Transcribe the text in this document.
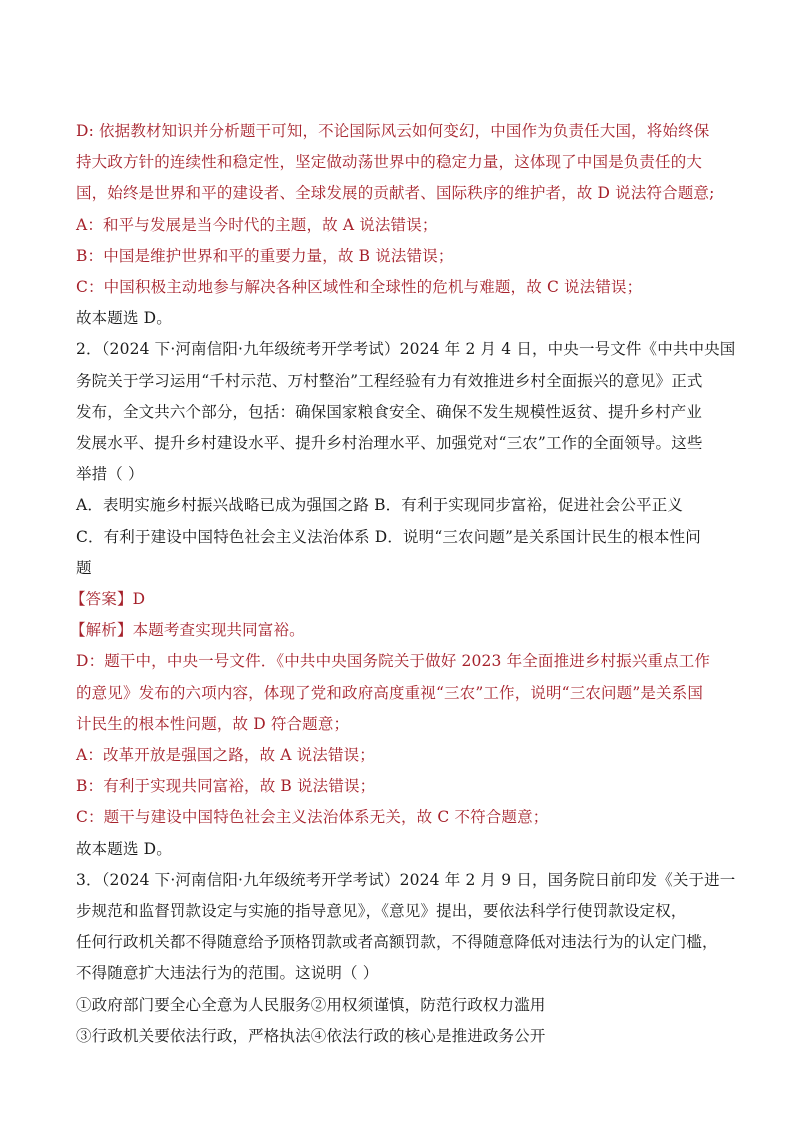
D: 依据教材知识并分析题干可知，不论国际风云如何变幻，中国作为负责任大国，将始终保
持大政方针的连续性和稳定性，坚定做动荡世界中的稳定力量，这体现了中国是负责任的大
国，始终是世界和平的建设者、全球发展的贡献者、国际秩序的维护者，故 D 说法符合题意;
A：和平与发展是当今时代的主题，故 A 说法错误；
B：中国是维护世界和平的重要力量，故 B 说法错误；
C：中国积极主动地参与解决各种区域性和全球性的危机与难题，故 C 说法错误；
故本题选 D。
2．（2024 下·河南信阳·九年级统考开学考试）2024 年 2 月 4 日，中央一号文件《中共中央国
务院关于学习运用“千村示范、万村整治”工程经验有力有效推进乡村全面振兴的意见》正式
发布，全文共六个部分，包括：确保国家粮食安全、确保不发生规模性返贫、提升乡村产业
发展水平、提升乡村建设水平、提升乡村治理水平、加强党对“三农”工作的全面领导。这些
举措（ ）
A．表明实施乡村振兴战略已成为强国之路 B．有利于实现同步富裕，促进社会公平正义
C．有利于建设中国特色社会主义法治体系 D．说明“三农问题”是关系国计民生的根本性问
题
【答案】D
【解析】本题考查实现共同富裕。
D：题干中，中央一号文件．《中共中央国务院关于做好 2023 年全面推进乡村振兴重点工作
的意见》发布的六项内容，体现了党和政府高度重视“三农”工作，说明“三农问题”是关系国
计民生的根本性问题，故 D 符合题意；
A：改革开放是强国之路，故 A 说法错误；
B：有利于实现共同富裕，故 B 说法错误；
C：题干与建设中国特色社会主义法治体系无关，故 C 不符合题意；
故本题选 D。
3．（2024 下·河南信阳·九年级统考开学考试）2024 年 2 月 9 日，国务院日前印发《关于进一
步规范和监督罚款设定与实施的指导意见》，《意见》提出，要依法科学行使罚款设定权，
任何行政机关都不得随意给予顶格罚款或者高额罚款，不得随意降低对违法行为的认定门槛，
不得随意扩大违法行为的范围。这说明（ ）
①政府部门要全心全意为人民服务②用权须谨慎，防范行政权力滥用
③行政机关要依法行政，严格执法④依法行政的核心是推进政务公开
